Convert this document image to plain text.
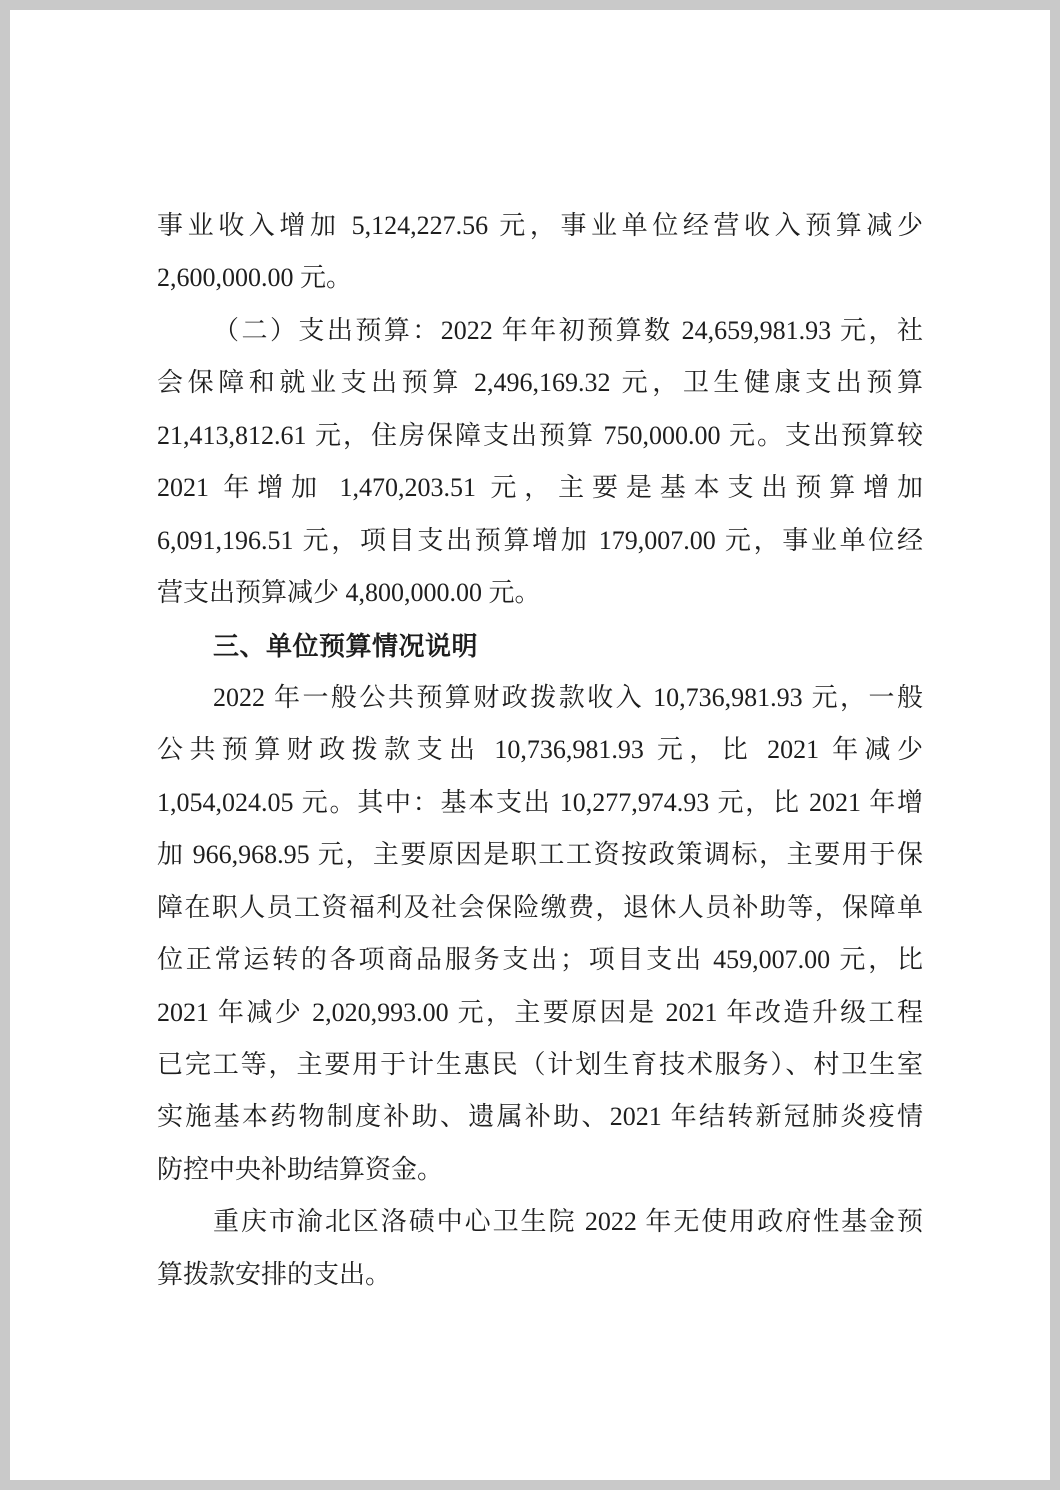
事业收入增加 5,124,227.56 元，事业单位经营收入预算减少
2,600,000.00 元。
（二）支出预算：2022 年年初预算数 24,659,981.93 元，社
会保障和就业支出预算 2,496,169.32 元，卫生健康支出预算
21,413,812.61 元，住房保障支出预算 750,000.00 元。支出预算较
2021 年增加 1,470,203.51 元，主要是基本支出预算增加
6,091,196.51 元，项目支出预算增加 179,007.00 元，事业单位经
营支出预算减少 4,800,000.00 元。
三、单位预算情况说明
2022 年一般公共预算财政拨款收入 10,736,981.93 元，一般
公共预算财政拨款支出 10,736,981.93 元，比 2021 年减少
1,054,024.05 元。其中：基本支出 10,277,974.93 元，比 2021 年增
加 966,968.95 元，主要原因是职工工资按政策调标，主要用于保
障在职人员工资福利及社会保险缴费，退休人员补助等，保障单
位正常运转的各项商品服务支出；项目支出 459,007.00 元，比
2021 年减少 2,020,993.00 元，主要原因是 2021 年改造升级工程
已完工等，主要用于计生惠民（计划生育技术服务）、村卫生室
实施基本药物制度补助、遗属补助、2021 年结转新冠肺炎疫情
防控中央补助结算资金。
重庆市渝北区洛碛中心卫生院 2022 年无使用政府性基金预
算拨款安排的支出。
